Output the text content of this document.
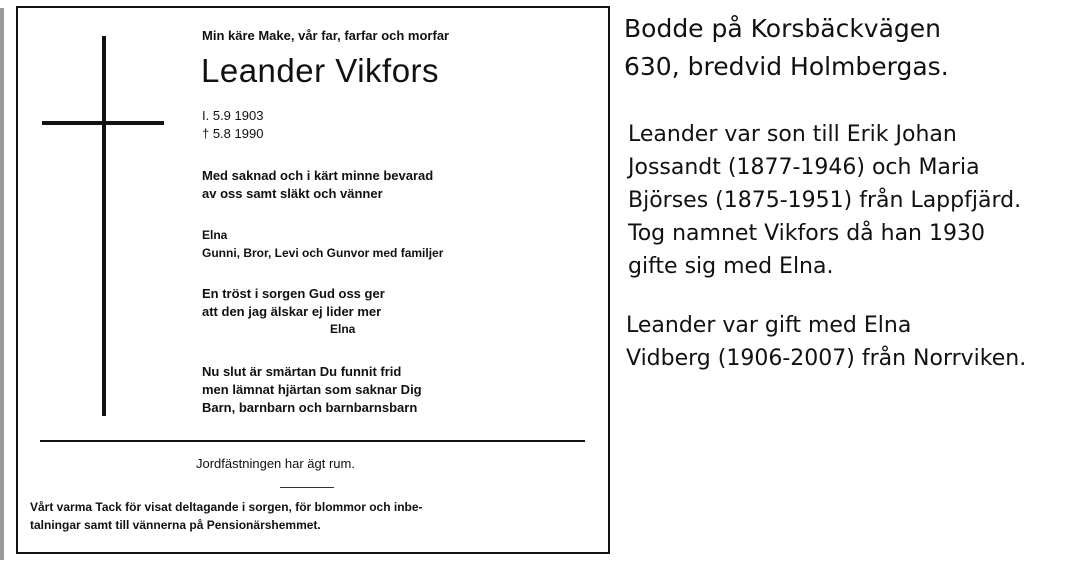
Min käre Make, vår far, farfar och morfar
Leander Vikfors
I. 5.9 1903
† 5.8 1990
Med saknad och i kärt minne bevarad
av oss samt släkt och vänner
Elna
Gunni, Bror, Levi och Gunvor med familjer
En tröst i sorgen Gud oss ger
att den jag älskar ej lider mer
Elna
Nu slut är smärtan Du funnit frid
men lämnat hjärtan som saknar Dig
Barn, barnbarn och barnbarnsbarn
Jordfästningen har ägt rum.
Vårt varma Tack för visat deltagande i sorgen, för blommor och inbe-
talningar samt till vännerna på Pensionärshemmet.
Bodde på Korsbäckvägen
630, bredvid Holmbergas.
Leander var son till Erik Johan
Jossandt (1877-1946) och Maria
Björses (1875-1951) från Lappfjärd.
Tog namnet Vikfors då han 1930
gifte sig med Elna.
Leander var gift med Elna
Vidberg (1906-2007) från Norrviken.
